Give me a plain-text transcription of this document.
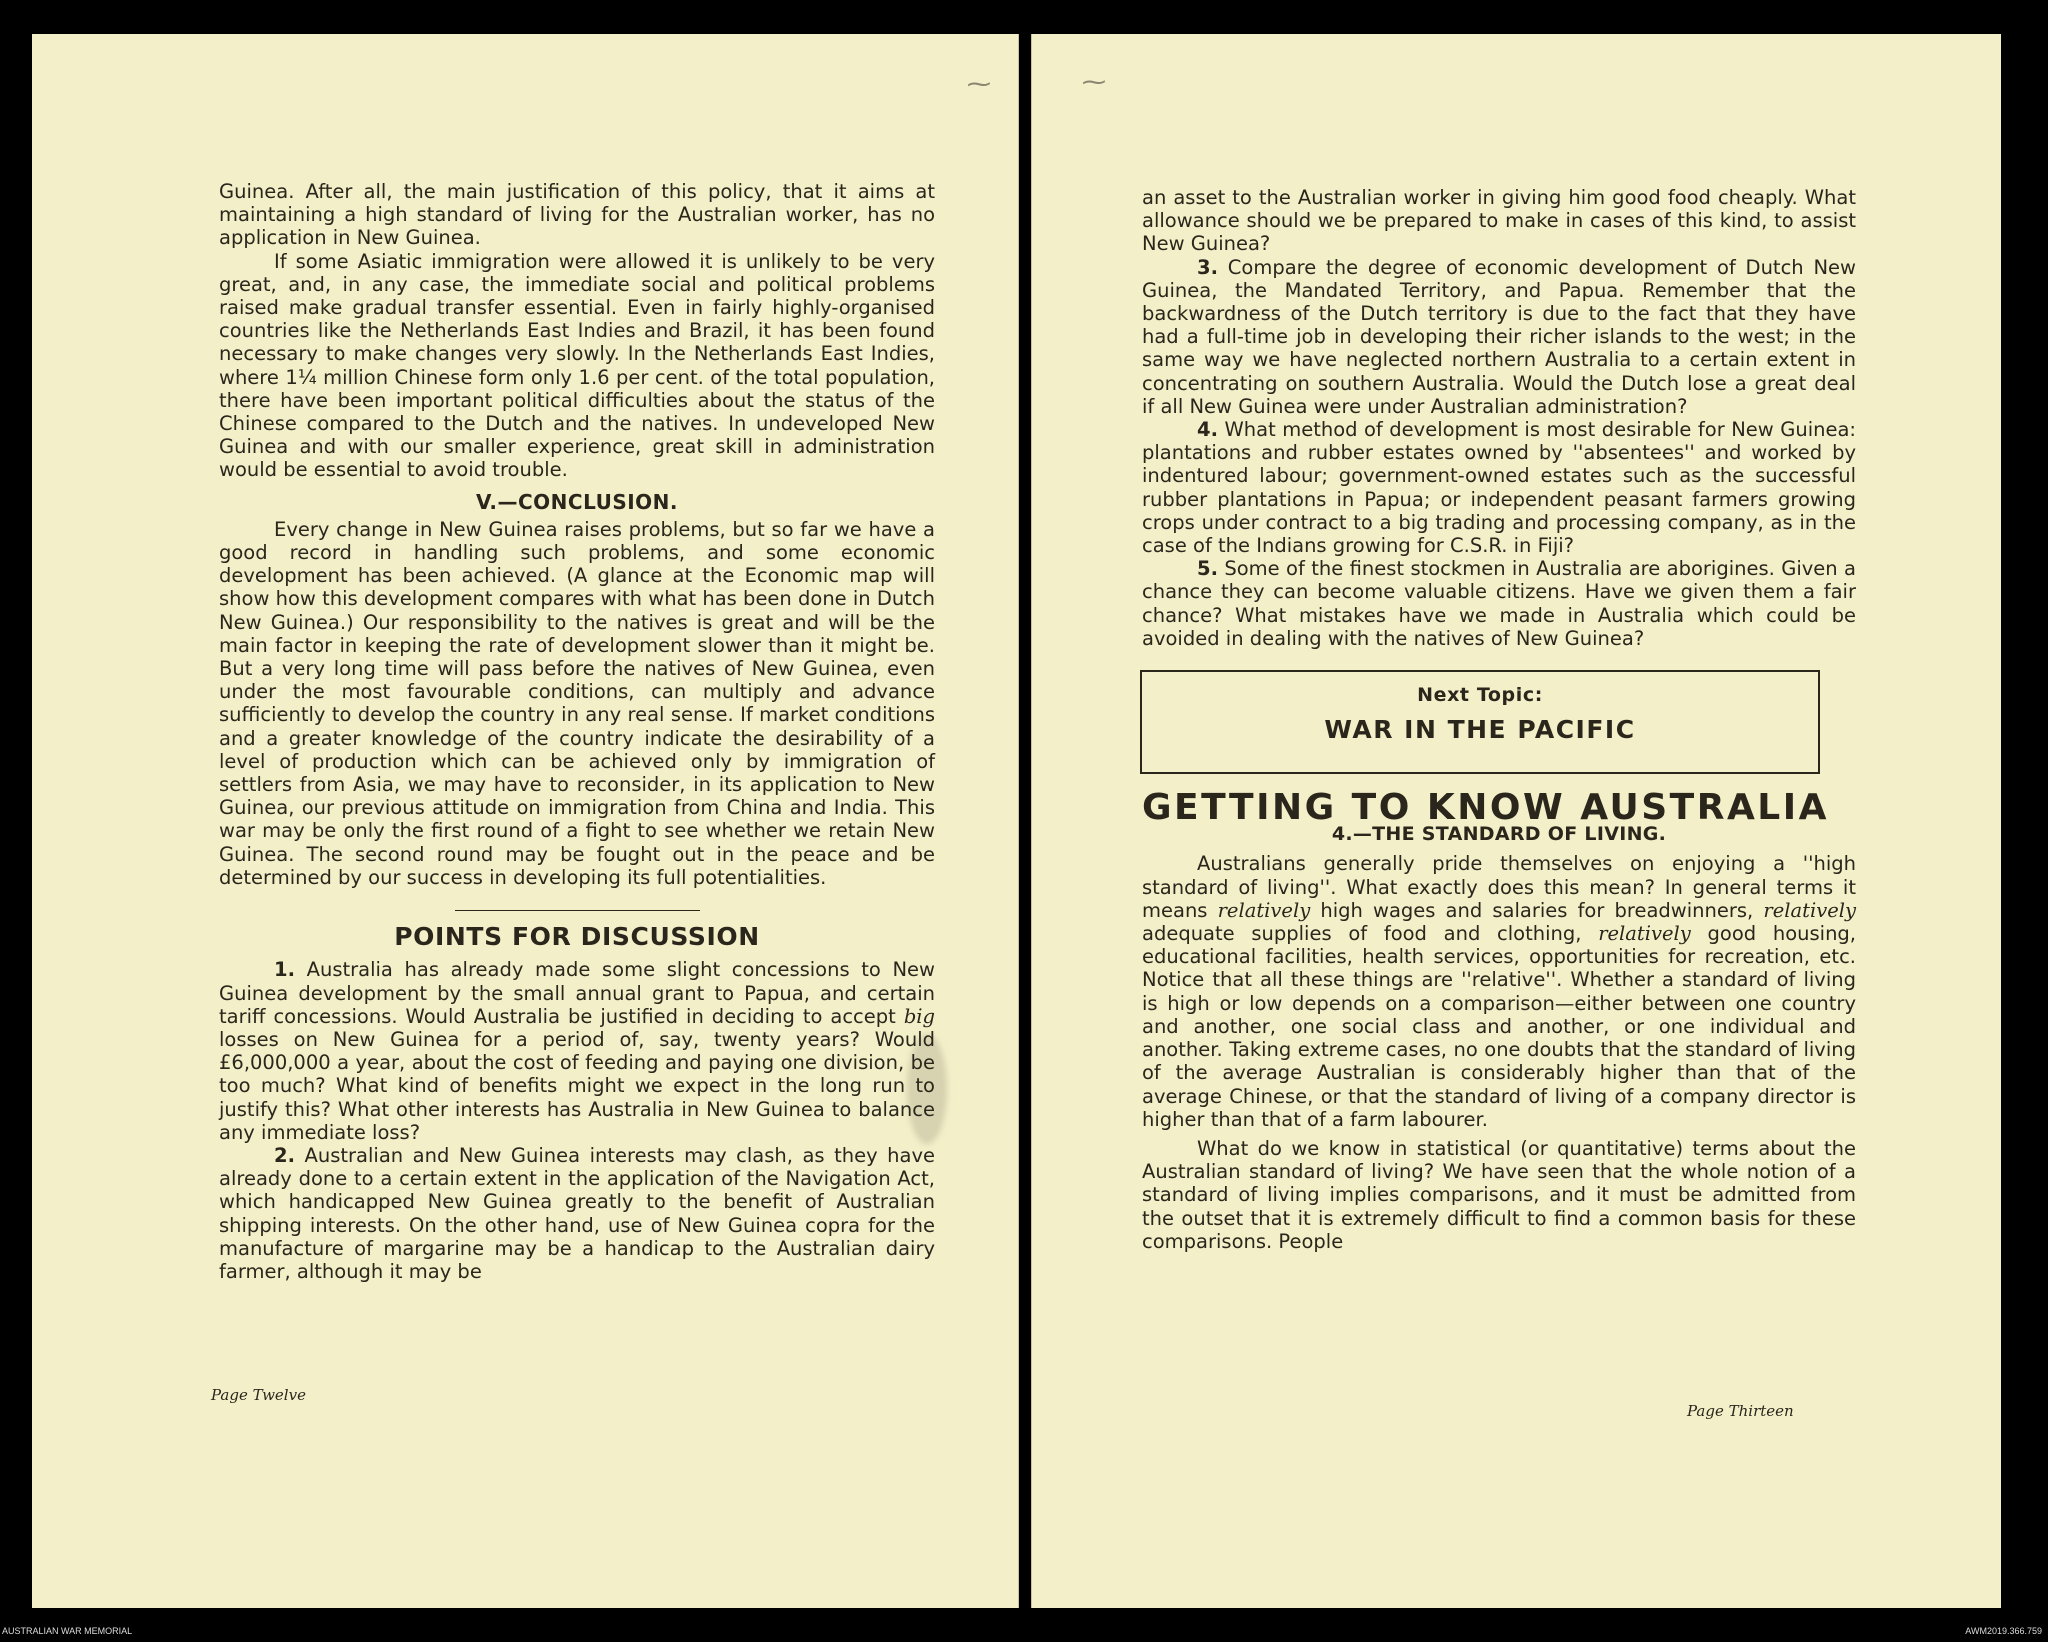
⁓

Guinea. After all, the main justification of this policy, that it aims at maintaining a high standard of living for the Australian worker, has no application in New Guinea.

If some Asiatic immigration were allowed it is unlikely to be very great, and, in any case, the immediate social and political problems raised make gradual transfer essential. Even in fairly highly-organised countries like the Netherlands East Indies and Brazil, it has been found necessary to make changes very slowly. In the Netherlands East Indies, where 1¼ million Chinese form only 1.6 per cent. of the total population, there have been important political difficulties about the status of the Chinese compared to the Dutch and the natives. In undeveloped New Guinea and with our smaller experience, great skill in administration would be essential to avoid trouble.

V.—CONCLUSION.

Every change in New Guinea raises problems, but so far we have a good record in handling such problems, and some economic development has been achieved. (A glance at the Economic map will show how this development compares with what has been done in Dutch New Guinea.) Our responsibility to the natives is great and will be the main factor in keeping the rate of development slower than it might be. But a very long time will pass before the natives of New Guinea, even under the most favourable conditions, can multiply and advance sufficiently to develop the country in any real sense. If market conditions and a greater knowledge of the country indicate the desirability of a level of production which can be achieved only by immigration of settlers from Asia, we may have to reconsider, in its application to New Guinea, our previous attitude on immigration from China and India. This war may be only the first round of a fight to see whether we retain New Guinea. The second round may be fought out in the peace and be determined by our success in developing its full potentialities.

POINTS FOR DISCUSSION

1. Australia has already made some slight concessions to New Guinea development by the small annual grant to Papua, and certain tariff concessions. Would Australia be justified in deciding to accept big losses on New Guinea for a period of, say, twenty years? Would £6,000,000 a year, about the cost of feeding and paying one division, be too much? What kind of benefits might we expect in the long run to justify this? What other interests has Australia in New Guinea to balance any immediate loss?

2. Australian and New Guinea interests may clash, as they have already done to a certain extent in the application of the Navigation Act, which handicapped New Guinea greatly to the benefit of Australian shipping interests. On the other hand, use of New Guinea copra for the manufacture of margarine may be a handicap to the Australian dairy farmer, although it may be

Page Twelve
⁓

an asset to the Australian worker in giving him good food cheaply. What allowance should we be prepared to make in cases of this kind, to assist New Guinea?

3. Compare the degree of economic development of Dutch New Guinea, the Mandated Territory, and Papua. Remember that the backwardness of the Dutch territory is due to the fact that they have had a full-time job in developing their richer islands to the west; in the same way we have neglected northern Australia to a certain extent in concentrating on southern Australia. Would the Dutch lose a great deal if all New Guinea were under Australian administration?

4. What method of development is most desirable for New Guinea: plantations and rubber estates owned by ''absentees'' and worked by indentured labour; government-owned estates such as the successful rubber plantations in Papua; or independent peasant farmers growing crops under contract to a big trading and processing company, as in the case of the Indians growing for C.S.R. in Fiji?

5. Some of the finest stockmen in Australia are aborigines. Given a chance they can become valuable citizens. Have we given them a fair chance? What mistakes have we made in Australia which could be avoided in dealing with the natives of New Guinea?

Next Topic:
WAR IN THE PACIFIC
GETTING TO KNOW AUSTRALIA
4.—THE STANDARD OF LIVING.

Australians generally pride themselves on enjoying a ''high standard of living''. What exactly does this mean? In general terms it means relatively high wages and salaries for breadwinners, relatively adequate supplies of food and clothing, relatively good housing, educational facilities, health services, opportunities for recreation, etc. Notice that all these things are ''relative''. Whether a standard of living is high or low depends on a comparison—either between one country and another, one social class and another, or one individual and another. Taking extreme cases, no one doubts that the standard of living of the average Australian is considerably higher than that of the average Chinese, or that the standard of living of a company director is higher than that of a farm labourer.

What do we know in statistical (or quantitative) terms about the Australian standard of living? We have seen that the whole notion of a standard of living implies comparisons, and it must be admitted from the outset that it is extremely difficult to find a common basis for these comparisons. People

Page Thirteen
AUSTRALIAN WAR MEMORIAL	AWM2019.366.759
